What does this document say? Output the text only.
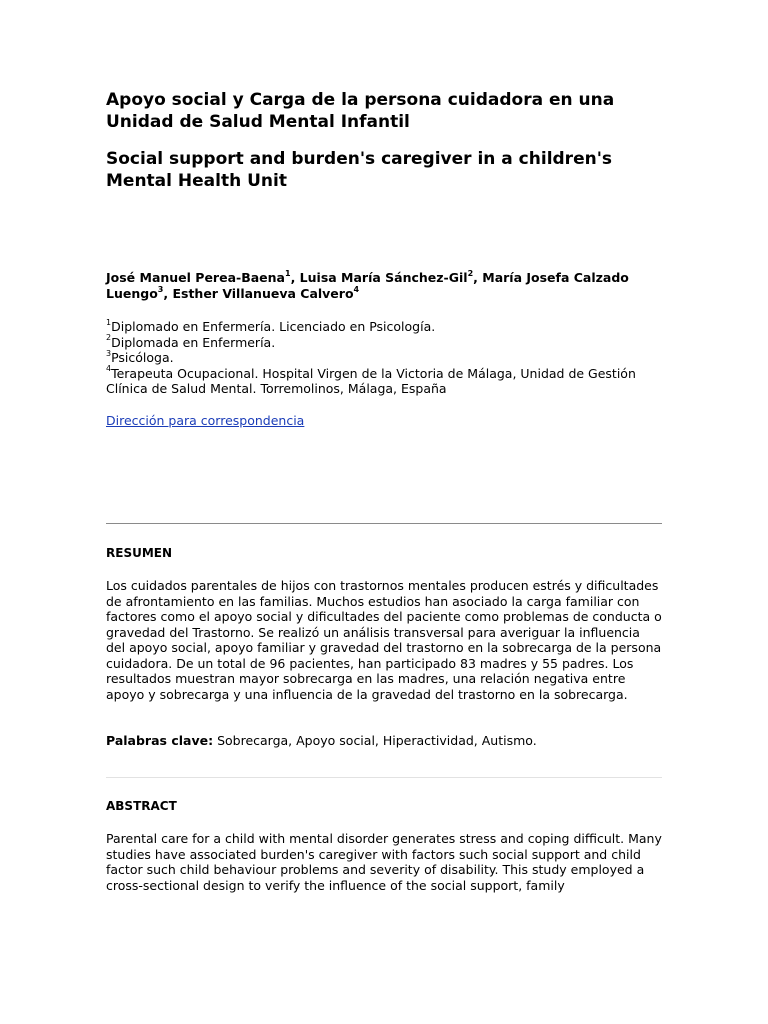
Apoyo social y Carga de la persona cuidadora en una Unidad de Salud Mental Infantil
Social support and burden's caregiver in a children's Mental Health Unit

José Manuel Perea-Baena$^1$, Luisa María Sánchez-Gil$^2$, María Josefa Calzado Luengo$^3$, Esther Villanueva Calvero$^4$

$^1$Diplomado en Enfermería. Licenciado en Psicología.
$^2$Diplomada en Enfermería.
$^3$Psicóloga.
$^4$Terapeuta Ocupacional. Hospital Virgen de la Victoria de Málaga, Unidad de Gestión Clínica de Salud Mental. Torremolinos, Málaga, España

Dirección para correspondencia
RESUMEN

Los cuidados parentales de hijos con trastornos mentales producen estrés y dificultades de afrontamiento en las familias. Muchos estudios han asociado la carga familiar con factores como el apoyo social y dificultades del paciente como problemas de conducta o gravedad del Trastorno. Se realizó un análisis transversal para averiguar la influencia del apoyo social, apoyo familiar y gravedad del trastorno en la sobrecarga de la persona cuidadora. De un total de 96 pacientes, han participado 83 madres y 55 padres. Los resultados muestran mayor sobrecarga en las madres, una relación negativa entre apoyo y sobrecarga y una influencia de la gravedad del trastorno en la sobrecarga.

Palabras clave: Sobrecarga, Apoyo social, Hiperactividad, Autismo.

ABSTRACT

Parental care for a child with mental disorder generates stress and coping difficult. Many studies have associated burden's caregiver with factors such social support and child factor such child behaviour problems and severity of disability. This study employed a cross-sectional design to verify the influence of the social support, family
